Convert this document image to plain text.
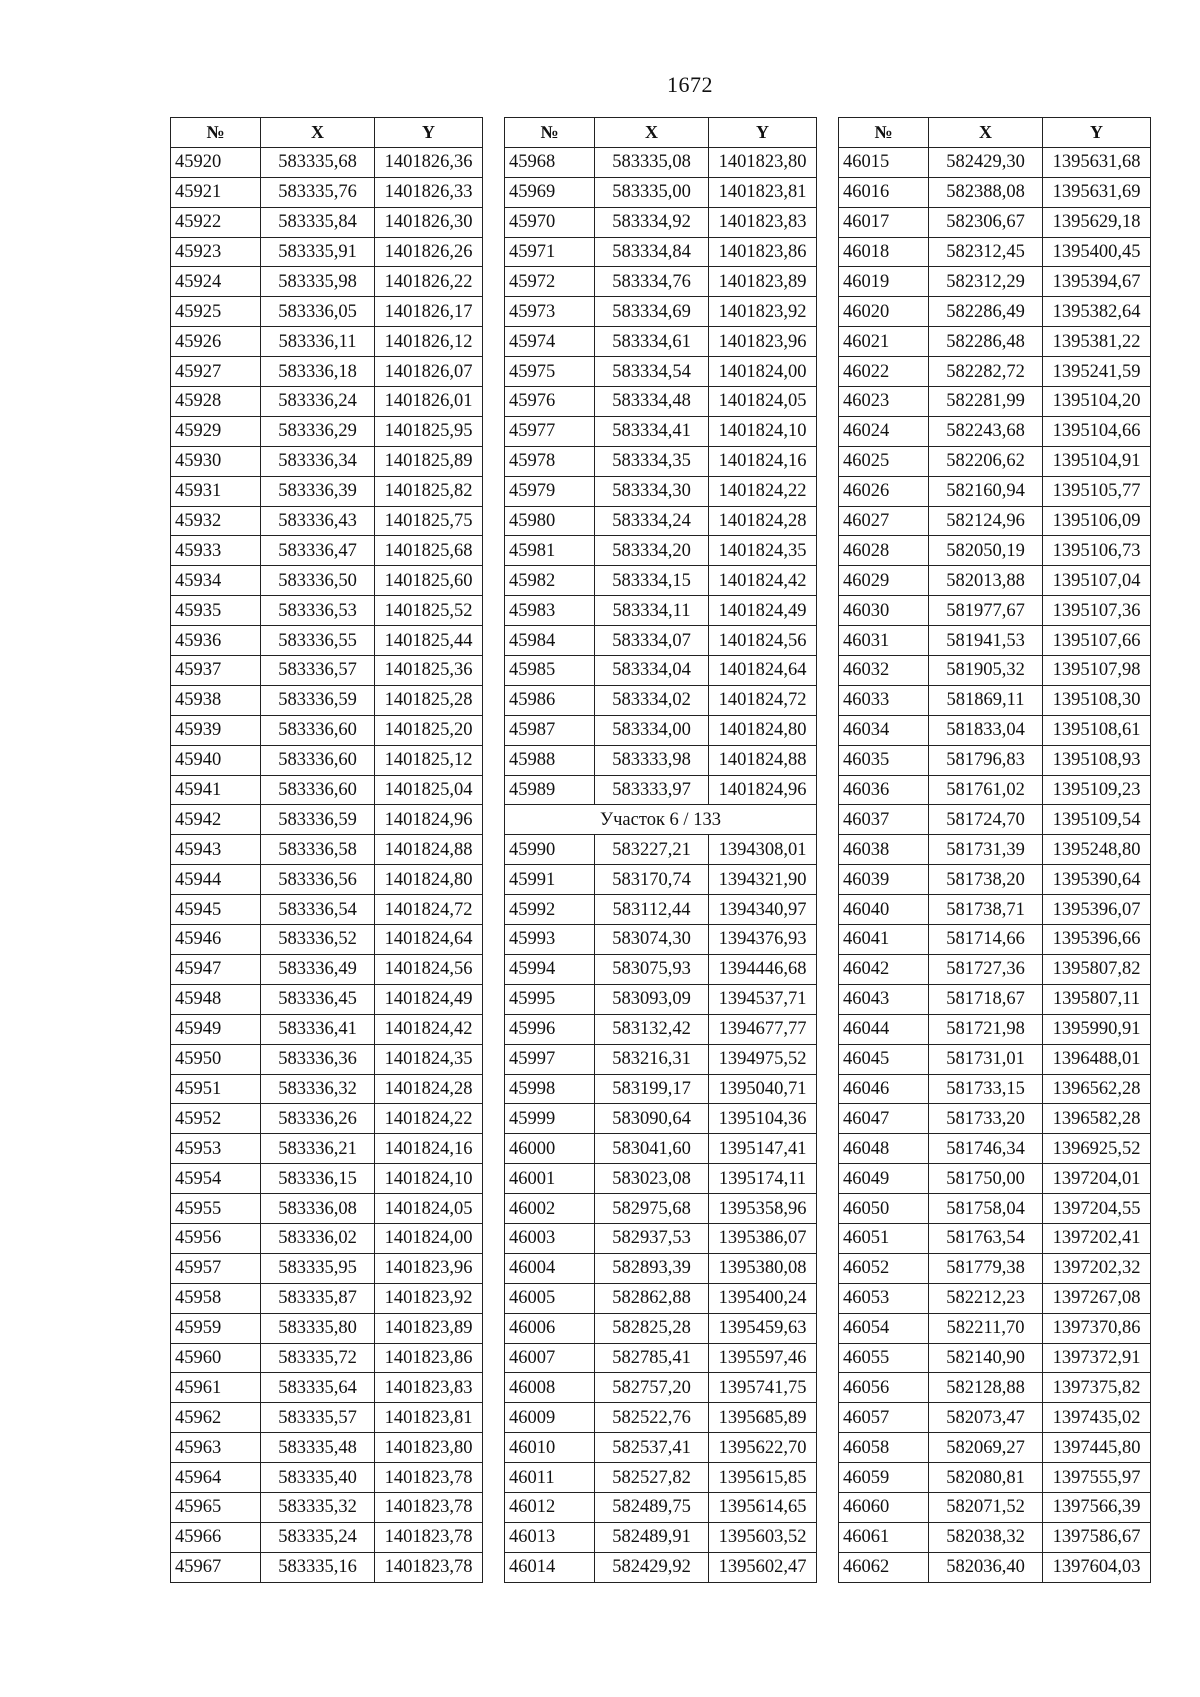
1672
№	X	Y
45920	583335,68	1401826,36
45921	583335,76	1401826,33
45922	583335,84	1401826,30
45923	583335,91	1401826,26
45924	583335,98	1401826,22
45925	583336,05	1401826,17
45926	583336,11	1401826,12
45927	583336,18	1401826,07
45928	583336,24	1401826,01
45929	583336,29	1401825,95
45930	583336,34	1401825,89
45931	583336,39	1401825,82
45932	583336,43	1401825,75
45933	583336,47	1401825,68
45934	583336,50	1401825,60
45935	583336,53	1401825,52
45936	583336,55	1401825,44
45937	583336,57	1401825,36
45938	583336,59	1401825,28
45939	583336,60	1401825,20
45940	583336,60	1401825,12
45941	583336,60	1401825,04
45942	583336,59	1401824,96
45943	583336,58	1401824,88
45944	583336,56	1401824,80
45945	583336,54	1401824,72
45946	583336,52	1401824,64
45947	583336,49	1401824,56
45948	583336,45	1401824,49
45949	583336,41	1401824,42
45950	583336,36	1401824,35
45951	583336,32	1401824,28
45952	583336,26	1401824,22
45953	583336,21	1401824,16
45954	583336,15	1401824,10
45955	583336,08	1401824,05
45956	583336,02	1401824,00
45957	583335,95	1401823,96
45958	583335,87	1401823,92
45959	583335,80	1401823,89
45960	583335,72	1401823,86
45961	583335,64	1401823,83
45962	583335,57	1401823,81
45963	583335,48	1401823,80
45964	583335,40	1401823,78
45965	583335,32	1401823,78
45966	583335,24	1401823,78
45967	583335,16	1401823,78
№	X	Y
45968	583335,08	1401823,80
45969	583335,00	1401823,81
45970	583334,92	1401823,83
45971	583334,84	1401823,86
45972	583334,76	1401823,89
45973	583334,69	1401823,92
45974	583334,61	1401823,96
45975	583334,54	1401824,00
45976	583334,48	1401824,05
45977	583334,41	1401824,10
45978	583334,35	1401824,16
45979	583334,30	1401824,22
45980	583334,24	1401824,28
45981	583334,20	1401824,35
45982	583334,15	1401824,42
45983	583334,11	1401824,49
45984	583334,07	1401824,56
45985	583334,04	1401824,64
45986	583334,02	1401824,72
45987	583334,00	1401824,80
45988	583333,98	1401824,88
45989	583333,97	1401824,96
Участок 6 / 133		
45990	583227,21	1394308,01
45991	583170,74	1394321,90
45992	583112,44	1394340,97
45993	583074,30	1394376,93
45994	583075,93	1394446,68
45995	583093,09	1394537,71
45996	583132,42	1394677,77
45997	583216,31	1394975,52
45998	583199,17	1395040,71
45999	583090,64	1395104,36
46000	583041,60	1395147,41
46001	583023,08	1395174,11
46002	582975,68	1395358,96
46003	582937,53	1395386,07
46004	582893,39	1395380,08
46005	582862,88	1395400,24
46006	582825,28	1395459,63
46007	582785,41	1395597,46
46008	582757,20	1395741,75
46009	582522,76	1395685,89
46010	582537,41	1395622,70
46011	582527,82	1395615,85
46012	582489,75	1395614,65
46013	582489,91	1395603,52
46014	582429,92	1395602,47
№	X	Y
46015	582429,30	1395631,68
46016	582388,08	1395631,69
46017	582306,67	1395629,18
46018	582312,45	1395400,45
46019	582312,29	1395394,67
46020	582286,49	1395382,64
46021	582286,48	1395381,22
46022	582282,72	1395241,59
46023	582281,99	1395104,20
46024	582243,68	1395104,66
46025	582206,62	1395104,91
46026	582160,94	1395105,77
46027	582124,96	1395106,09
46028	582050,19	1395106,73
46029	582013,88	1395107,04
46030	581977,67	1395107,36
46031	581941,53	1395107,66
46032	581905,32	1395107,98
46033	581869,11	1395108,30
46034	581833,04	1395108,61
46035	581796,83	1395108,93
46036	581761,02	1395109,23
46037	581724,70	1395109,54
46038	581731,39	1395248,80
46039	581738,20	1395390,64
46040	581738,71	1395396,07
46041	581714,66	1395396,66
46042	581727,36	1395807,82
46043	581718,67	1395807,11
46044	581721,98	1395990,91
46045	581731,01	1396488,01
46046	581733,15	1396562,28
46047	581733,20	1396582,28
46048	581746,34	1396925,52
46049	581750,00	1397204,01
46050	581758,04	1397204,55
46051	581763,54	1397202,41
46052	581779,38	1397202,32
46053	582212,23	1397267,08
46054	582211,70	1397370,86
46055	582140,90	1397372,91
46056	582128,88	1397375,82
46057	582073,47	1397435,02
46058	582069,27	1397445,80
46059	582080,81	1397555,97
46060	582071,52	1397566,39
46061	582038,32	1397586,67
46062	582036,40	1397604,03
